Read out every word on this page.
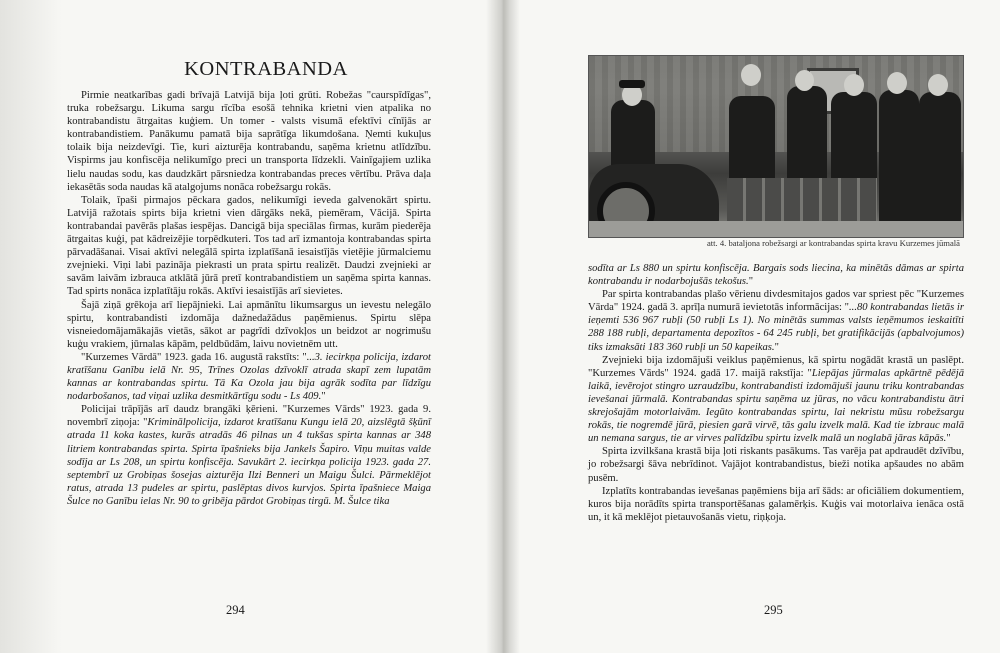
KONTRABANDA

Pirmie neatkarības gadi brīvajā Latvijā bija ļoti grūti. Robežas "caurspīdīgas", truka robežsargu. Likuma sargu rīcība esošā tehnika krietni vien atpalika no kontrabandistu ātrgaitas kuģiem. Un tomer - valsts visumā efektīvi cīnījās ar kontrabandistiem. Panākumu pamatā bija saprātīga likumdošana. Ņemti kukuļus tolaik bija neizdevīgi. Tie, kuri aizturēja kontrabandu, saņēma krietnu atlīdzību. Vispirms jau konfiscēja nelikumīgo preci un transporta līdzekli. Vainīgajiem uzlika lielu naudas sodu, kas daudzkārt pārsniedza kontrabandas preces vērtību. Prāva daļa iekasētās soda naudas kā atalgojums nonāca robežsargu rokās.

Tolaik, īpaši pirmajos pēckara gados, nelikumīgi ieveda galvenokārt spirtu. Latvijā ražotais spirts bija krietni vien dārgāks nekā, piemēram, Vācijā. Spirta kontrabandai pavērās plašas iespējas. Dancigā bija speciālas firmas, kurām piederēja ātrgaitas kuģi, pat kādreizējie torpēdkuteri. Tos tad arī izmantoja kontrabandas spirta pārvadāšanai. Visai aktīvi nelegālā spirta izplatīšanā iesaistījās vietējie jūrmalciemu zvejnieki. Viņi labi pazināja piekrasti un prata spirtu realizēt. Daudzi zvejnieki ar savām laivām izbrauca atklātā jūrā pretī kontrabandistiem un saņēma spirta kannas. Tad spirts nonāca izplatītāju rokās. Aktīvi iesaistījās arī sievietes.

Šajā ziņā grēkoja arī liepājnieki. Lai apmānītu likumsargus un ievestu nelegālo spirtu, kontrabandisti izdomāja dažnedažādus paņēmienus. Spirtu slēpa visneiedomājamākajās vietās, sākot ar pagrīdi dzīvokļos un beidzot ar nogrimušu kuģu vrakiem, jūrnalas kāpām, peldbūdām, laivu novietnēm utt.

"Kurzemes Vārdā" 1923. gada 16. augustā rakstīts: "...3. iecirkņa policija, izdarot kratīšanu Ganību ielā Nr. 95, Trīnes Ozolas dzīvoklī atrada skapī zem lupatām kannas ar kontrabandas spirtu. Tā Ka Ozola jau bija agrāk sodīta par līdzīgu nodarbošanos, tad viņai uzlika desmitkārtīgu sodu - Ls 409."

Policijai trāpījās arī daudz brangāki ķērieni. "Kurzemes Vārds" 1923. gada 9. novembrī ziņoja: "Kriminālpolicija, izdarot kratīšanu Kungu ielā 20, aizslēgtā šķūnī atrada 11 koka kastes, kurās atradās 46 pilnas un 4 tukšas spirta kannas ar 348 litriem kontrabandas spirta. Spirta īpašnieks bija Jankels Šapiro. Viņu muitas valde sodīja ar Ls 208, un spirtu konfiscēja. Savukārt 2. iecirkņa policija 1923. gada 27. septembrī uz Grobiņas šosejas aizturēja Ilzi Benneri un Maigu Šulci. Pārmeklējot ratus, atrada 13 pudeles ar spirtu, paslēptas divos kurvjos. Spirta īpašniece Maiga Šulce no Ganību ielas Nr. 90 to gribēja pārdot Grobiņas tirgū. M. Šulce tika

294
att. 4. bataljona robežsargi ar kontrabandas spirta kravu Kurzemes jūmalā

sodīta ar Ls 880 un spirtu konfiscēja. Bargais sods liecina, ka minētās dāmas ar spirta kontrabandu ir nodarbojušās tekošus."

Par spirta kontrabandas plašo vērienu divdesmitajos gados var spriest pēc "Kurzemes Vārda" 1924. gadā 3. aprīļa numurā ievietotās informācijas: "...80 kontrabandas lietās ir ieņemti 536 967 rubļi (50 rubļi Ls 1). No minētās summas valsts ieņēmumos ieskaitīti 288 188 rubļi, departamenta depozītos - 64 245 rubļi, bet gratifikācijās (apbalvojumos) tiks izmaksāti 183 360 rubļi un 50 kapeikas."

Zvejnieki bija izdomājuši veiklus paņēmienus, kā spirtu nogādāt krastā un paslēpt. "Kurzemes Vārds" 1924. gadā 17. maijā rakstīja: "Liepājas jūrmalas apkārtnē pēdējā laikā, ievērojot stingro uzraudzību, kontrabandisti izdomājuši jaunu triku kontrabandas ievešanai jūrmalā. Kontrabandas spirtu saņēma uz jūras, no vācu kontrabandistu ātri skrejošajām motorlaivām. Iegūto kontrabandas spirtu, lai nekristu mūsu robežsargu rokās, tie nogremdē jūrā, piesien garā virvē, tās galu izvelk malā. Kad tie izbrauc malā un nemana sargus, tie ar virves palīdzību spirtu izvelk malā un noglabā jāras kāpās."

Spirta izvilkšana krastā bija ļoti riskants pasākums. Tas varēja pat apdraudēt dzīvību, jo robežsargi šāva nebrīdinot. Vajājot kontrabandistus, bieži notika apšaudes no abām pusēm.

Izplatīts kontrabandas ievešanas paņēmiens bija arī šāds: ar oficiāliem dokumentiem, kuros bija norādīts spirta transportēšanas galamērķis. Kuģis vai motorlaiva ienāca ostā un, it kā meklējot pietauvošanās vietu, riņķoja.

295
